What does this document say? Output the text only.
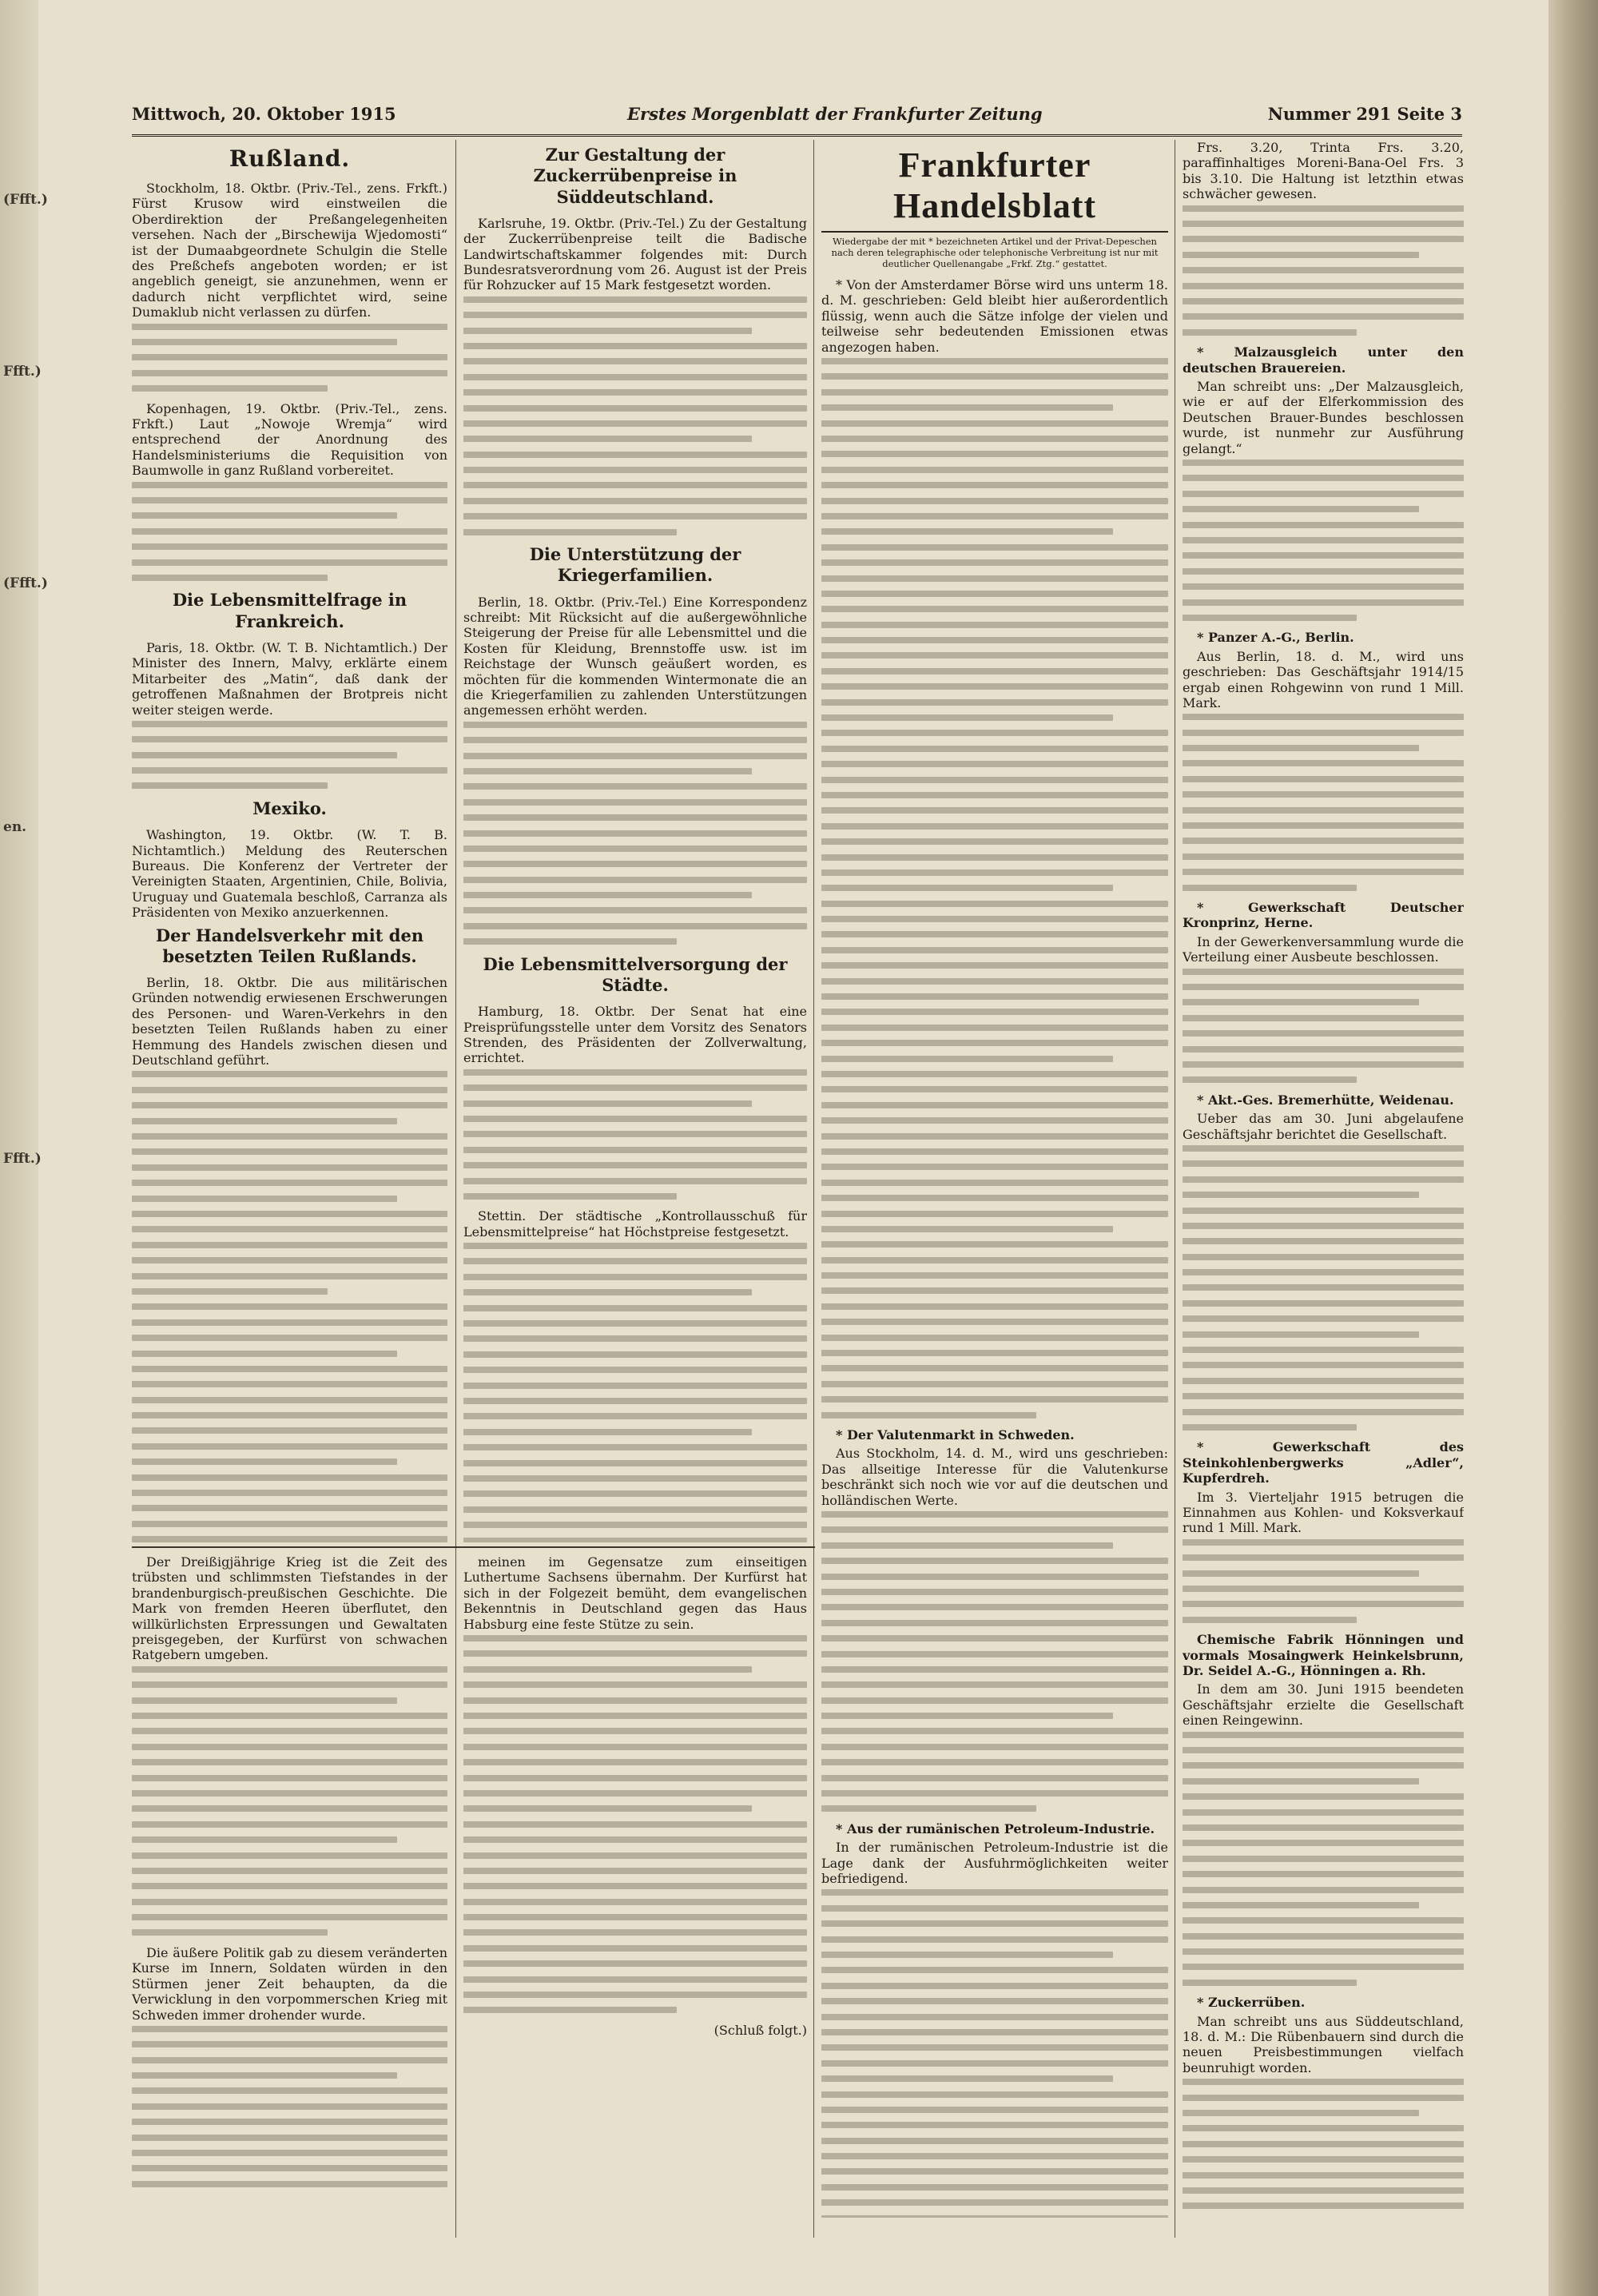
(Ffft.)
Ffft.)
(Ffft.)
en.
Ffft.)
Mittwoch, 20. Oktober 1915	Erstes Morgenblatt der Frankfurter Zeitung	Nummer 291 Seite 3
Rußland.

Stockholm, 18. Oktbr. (Priv.-Tel., zens. Frkft.) Fürst Krusow wird einstweilen die Oberdirektion der Preßangelegenheiten versehen. Nach der „Birschewija Wjedomosti“ ist der Dumaabgeordnete Schulgin die Stelle des Preßchefs angeboten worden; er ist angeblich geneigt, sie anzunehmen, wenn er dadurch nicht verpflichtet wird, seine Dumaklub nicht verlassen zu dürfen.

Kopenhagen, 19. Oktbr. (Priv.-Tel., zens. Frkft.) Laut „Nowoje Wremja“ wird entsprechend der Anordnung des Handelsministeriums die Requisition von Baumwolle in ganz Rußland vorbereitet.

Die Lebensmittelfrage in Frankreich.

Paris, 18. Oktbr. (W. T. B. Nichtamtlich.) Der Minister des Innern, Malvy, erklärte einem Mitarbeiter des „Matin“, daß dank der getroffenen Maßnahmen der Brotpreis nicht weiter steigen werde.

Mexiko.

Washington, 19. Oktbr. (W. T. B. Nichtamtlich.) Meldung des Reuterschen Bureaus. Die Konferenz der Vertreter der Vereinigten Staaten, Argentinien, Chile, Bolivia, Uruguay und Guatemala beschloß, Carranza als Präsidenten von Mexiko anzuerkennen.

Der Handelsverkehr mit den besetzten Teilen Rußlands.

Berlin, 18. Oktbr. Die aus militärischen Gründen notwendig erwiesenen Erschwerungen des Personen- und Waren-Verkehrs in den besetzten Teilen Rußlands haben zu einer Hemmung des Handels zwischen diesen und Deutschland geführt.

Zur Gestaltung der Zuckerrübenpreise in Süddeutschland.

Karlsruhe, 19. Oktbr. (Priv.-Tel.) Zu der Gestaltung der Zuckerrübenpreise teilt die Badische Landwirtschaftskammer folgendes mit: Durch Bundesratsverordnung vom 26. August ist der Preis für Rohzucker auf 15 Mark festgesetzt worden.

Die Unterstützung der Kriegerfamilien.

Berlin, 18. Oktbr. (Priv.-Tel.) Eine Korrespondenz schreibt: Mit Rücksicht auf die außergewöhnliche Steigerung der Preise für alle Lebensmittel und die Kosten für Kleidung, Brennstoffe usw. ist im Reichstage der Wunsch geäußert worden, es möchten für die kommenden Wintermonate die an die Kriegerfamilien zu zahlenden Unterstützungen angemessen erhöht werden.

Die Lebensmittelversorgung der Städte.

Hamburg, 18. Oktbr. Der Senat hat eine Preisprüfungsstelle unter dem Vorsitz des Senators Strenden, des Präsidenten der Zollverwaltung, errichtet.

Stettin. Der städtische „Kontrollausschuß für Lebensmittelpreise“ hat Höchstpreise festgesetzt.

Frankfurter Handelsblatt
Wiedergabe der mit * bezeichneten Artikel und der Privat-Depeschen nach deren telegraphische oder telephonische Verbreitung ist nur mit deutlicher Quellenangabe „Frkf. Ztg.“ gestattet.

* Von der Amsterdamer Börse wird uns unterm 18. d. M. geschrieben: Geld bleibt hier außerordentlich flüssig, wenn auch die Sätze infolge der vielen und teilweise sehr bedeutenden Emissionen etwas angezogen haben.

* Der Valutenmarkt in Schweden.

Aus Stockholm, 14. d. M., wird uns geschrieben: Das allseitige Interesse für die Valutenkurse beschränkt sich noch wie vor auf die deutschen und holländischen Werte.

* Aus der rumänischen Petroleum-Industrie.

In der rumänischen Petroleum-Industrie ist die Lage dank der Ausfuhrmöglichkeiten weiter befriedigend.

Frs. 3.20, Trinta Frs. 3.20, paraffinhaltiges Moreni-Bana-Oel Frs. 3 bis 3.10. Die Haltung ist letzthin etwas schwächer gewesen.

* Malzausgleich unter den deutschen Brauereien.

Man schreibt uns: „Der Malzausgleich, wie er auf der Elferkommission des Deutschen Brauer-Bundes beschlossen wurde, ist nunmehr zur Ausführung gelangt.“

* Panzer A.-G., Berlin.

Aus Berlin, 18. d. M., wird uns geschrieben: Das Geschäftsjahr 1914/15 ergab einen Rohgewinn von rund 1 Mill. Mark.

* Gewerkschaft Deutscher Kronprinz, Herne.

In der Gewerkenversammlung wurde die Verteilung einer Ausbeute beschlossen.

* Akt.-Ges. Bremerhütte, Weidenau.

Ueber das am 30. Juni abgelaufene Geschäftsjahr berichtet die Gesellschaft.

* Gewerkschaft des Steinkohlenbergwerks „Adler“, Kupferdreh.

Im 3. Vierteljahr 1915 betrugen die Einnahmen aus Kohlen- und Koksverkauf rund 1 Mill. Mark.

Chemische Fabrik Hönningen und vormals Mosaingwerk Heinkelsbrunn, Dr. Seidel A.-G., Hönningen a. Rh.

In dem am 30. Juni 1915 beendeten Geschäftsjahr erzielte die Gesellschaft einen Reingewinn.

* Zuckerrüben.

Man schreibt uns aus Süddeutschland, 18. d. M.: Die Rübenbauern sind durch die neuen Preisbestimmungen vielfach beunruhigt worden.

Der Dreißigjährige Krieg ist die Zeit des trübsten und schlimmsten Tiefstandes in der brandenburgisch-preußischen Geschichte. Die Mark von fremden Heeren überflutet, den willkürlichsten Erpressungen und Gewaltaten preisgegeben, der Kurfürst von schwachen Ratgebern umgeben.

Die äußere Politik gab zu diesem veränderten Kurse im Innern, Soldaten würden in den Stürmen jener Zeit behaupten, da die Verwicklung in den vorpommerschen Krieg mit Schweden immer drohender wurde.

meinen im Gegensatze zum einseitigen Luthertume Sachsens übernahm. Der Kurfürst hat sich in der Folgezeit bemüht, dem evangelischen Bekenntnis in Deutschland gegen das Haus Habsburg eine feste Stütze zu sein.

(Schluß folgt.)
